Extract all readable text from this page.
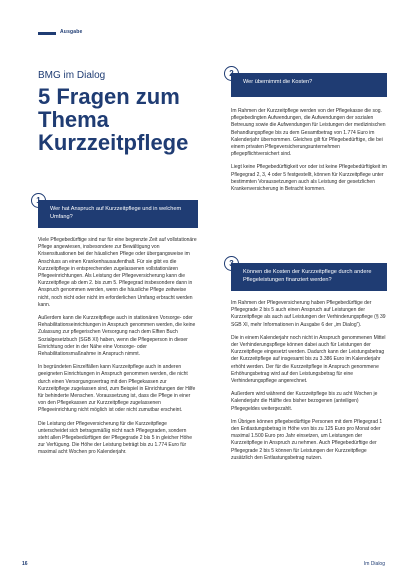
Ausgabe
BMG im Dialog
5 Fragen zum Thema Kurzzeitpflege
Wer hat Anspruch auf Kurzzeitpflege und in welchem Umfang?

Viele Pflegebedürftige sind nur für eine begrenzte Zeit auf vollstationäre Pflege angewiesen, insbesondere zur Bewältigung von Krisensituationen bei der häuslichen Pflege oder übergangsweise im Anschluss an einen Krankenhausaufenthalt. Für sie gibt es die Kurzzeitpflege in entsprechenden zugelassenen vollstationären Pflegeeinrichtungen. Als Leistung der Pflegeversicherung kann die Kurzzeitpflege ab dem 2. bis zum 5. Pflegegrad insbesondere dann in Anspruch genommen werden, wenn die häusliche Pflege zeitweise nicht, noch nicht oder nicht im erforderlichen Umfang erbracht werden kann.

Außerdem kann die Kurzzeitpflege auch in stationären Vorsorge- oder Rehabilitationseinrichtungen in Anspruch genommen werden, die keine Zulassung zur pflegerischen Versorgung nach dem Elften Buch Sozialgesetzbuch (SGB XI) haben, wenn die Pflegeperson in dieser Einrichtung oder in der Nähe eine Vorsorge- oder Rehabilitationsmaßnahme in Anspruch nimmt.

In begründeten Einzelfällen kann Kurzzeitpflege auch in anderen geeigneten Einrichtungen in Anspruch genommen werden, die nicht durch einen Versorgungsvertrag mit den Pflegekassen zur Kurzzeitpflege zugelassen sind, zum Beispiel in Einrichtungen der Hilfe für behinderte Menschen. Voraussetzung ist, dass die Pflege in einer von den Pflegekassen zur Kurzzeitpflege zugelassenen Pflegeeinrichtung nicht möglich ist oder nicht zumutbar erscheint.

Die Leistung der Pflegeversicherung für die Kurzzeitpflege unterscheidet sich betragsmäßig nicht nach Pflegegraden, sondern steht allen Pflegebedürftigen der Pflegegrade 2 bis 5 in gleicher Höhe zur Verfügung. Die Höhe der Leistung beträgt bis zu 1.774 Euro für maximal acht Wochen pro Kalenderjahr.

Wer übernimmt die Kosten?

Im Rahmen der Kurzzeitpflege werden von der Pflegekasse die sog. pflegebedingten Aufwendungen, die Aufwendungen der sozialen Betreuung sowie die Aufwendungen für Leistungen der medizinischen Behandlungspflege bis zu dem Gesamtbetrag von 1.774 Euro im Kalenderjahr übernommen. Gleiches gilt für Pflegebedürftige, die bei einem privaten Pflegeversicherungsunternehmen pflegepflichtversichert sind.

Liegt keine Pflegebedürftigkeit vor oder ist keine Pflegebedürftigkeit im Pflegegrad 2, 3, 4 oder 5 festgestellt, können für Kurzzeitpflege unter bestimmten Voraussetzungen auch als Leistung der gesetzlichen Krankenversicherung in Betracht kommen.

Können die Kosten der Kurzzeitpflege durch andere Pflegeleistungen finanziert werden?

Im Rahmen der Pflegeversicherung haben Pflegebedürftige der Pflegegrade 2 bis 5 auch einen Anspruch auf Leistungen der Kurzzeitpflege als auch auf Leistungen der Verhinderungspflege (§ 39 SGB XI, mehr Informationen in Ausgabe 6 der „im Dialog“).

Die in einem Kalenderjahr noch nicht in Anspruch genommenen Mittel der Verhinderungspflege können dabei auch für Leistungen der Kurzzeitpflege eingesetzt werden. Dadurch kann der Leistungsbetrag der Kurzzeitpflege auf insgesamt bis zu 3.386 Euro im Kalenderjahr erhöht werden. Der für die Kurzzeitpflege in Anspruch genommene Erhöhungsbetrag wird auf den Leistungsbetrag für eine Verhinderungspflege angerechnet.

Außerdem wird während der Kurzzeitpflege bis zu acht Wochen je Kalenderjahr die Hälfte des bisher bezogenen (anteiligen) Pflegegeldes weitergezahlt.

Im Übrigen können pflegebedürftige Personen mit dem Pflegegrad 1 den Entlastungsbetrag in Höhe von bis zu 125 Euro pro Monat oder maximal 1.500 Euro pro Jahr einsetzen, um Leistungen der Kurzzeitpflege in Anspruch zu nehmen. Auch Pflegebedürftige der Pflegegrade 2 bis 5 können für Leistungen der Kurzzeitpflege zusätzlich den Entlastungsbetrag nutzen.

16	Im Dialog
